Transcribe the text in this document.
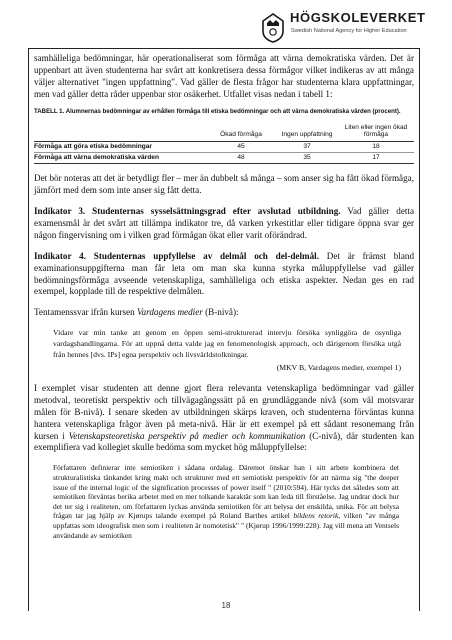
HÖGSKOLEVERKET
Swedish National Agency for Higher Education

samhälleliga bedömningar, här operationaliserat som förmåga att värna demokratiska värden. Det är uppenbart att även studenterna har svårt att konkretisera dessa förmågor vilket indikeras av att många väljer alternativet "ingen uppfattning". Vad gäller de flesta frågor har studenterna klara uppfattningar, men vad gäller detta råder uppenbar stor osäkerhet. Utfallet visas nedan i tabell 1:

TABELL 1. Alumnernas bedömningar av erhållen förmåga till etiska bedömningar och att värna demokratiska värden (procent).

	Ökad förmåga	Ingen uppfattning	Liten eller ingen ökad förmåga
Förmåga att göra etiska bedömningar	45	37	18
Förmåga att värna demokratiska värden	48	35	17

Det bör noteras att det är betydligt fler – mer än dubbelt så många – som anser sig ha fått ökad förmåga, jämfört med dem som inte anser sig fått detta.

Indikator 3. Studenternas sysselsättningsgrad efter avslutad utbildning. Vad gäller detta examensmål är det svårt att tillämpa indikator tre, då varken yrkestitlar eller tidigare öppna svar ger någon fingervisning om i vilken grad förmågan ökat eller varit oförändrad.

Indikator 4. Studenternas uppfyllelse av delmål och del-delmål. Det är främst bland examinationsuppgifterna man får leta om man ska kunna styrka måluppfyllelse vad gäller bedömningsförmåga avseende vetenskapliga, samhälleliga och etiska aspekter. Nedan ges en rad exempel, kopplade till de respektive delmålen.

Tentamenssvar ifrån kursen Vardagens medier (B-nivå):

Vidare var min tanke att genom en öppen semi-strukturerad intervju försöka synliggöra de osynliga vardagshandlingarna. För att uppnå detta valde jag en fenomenologisk approach, och därigenom försöka utgå från hennes [dvs. IPs] egna perspektiv och livsvärldstolkningar.

(MKV B, Vardagens medier, exempel 1)

I exemplet visar studenten att denne gjort flera relevanta vetenskapliga bedömningar vad gäller metodval, teoretiskt perspektiv och tillvägagångssätt på en grundläggande nivå (som väl motsvarar målen för B-nivå). I senare skeden av utbildningen skärps kraven, och studenterna förväntas kunna hantera vetenskapliga frågor även på meta-nivå. Här är ett exempel på ett sådant resonemang från kursen i Vetenskapsteoretiska perspektiv på medier och kommunikation (C-nivå), där studenten kan exemplifiera vad kollegiet skulle bedöma som mycket hög måluppfyllelse:

Författaren definierar inte semiotiken i sådana ordalag. Däremot önskar han i sitt arbete kombinera det strukturalistiska tänkandet kring makt och strukturer med ett semiotiskt perspektiv för att närma sig "the deeper issue of the internal logic of the signification processes of power itself " (2010:594). Här tycks det således som att semiotiken förväntas berika arbetet med en mer tolkande karaktär som kan leda till förståelse. Jag undrar dock hur det ter sig i realiteten, om författaren lyckas använda semiotiken för att belysa det enskilda, unika. För att belysa frågan tar jag hjälp av Kjørups talande exempel på Roland Barthes artikel bildens retorik, vilken "av många uppfattas som ideografisk men som i realiteten är nomotetisk" " (Kjørup 1996/1999:228). Jag vill mena att Ventsels användande av semiotiken

18
